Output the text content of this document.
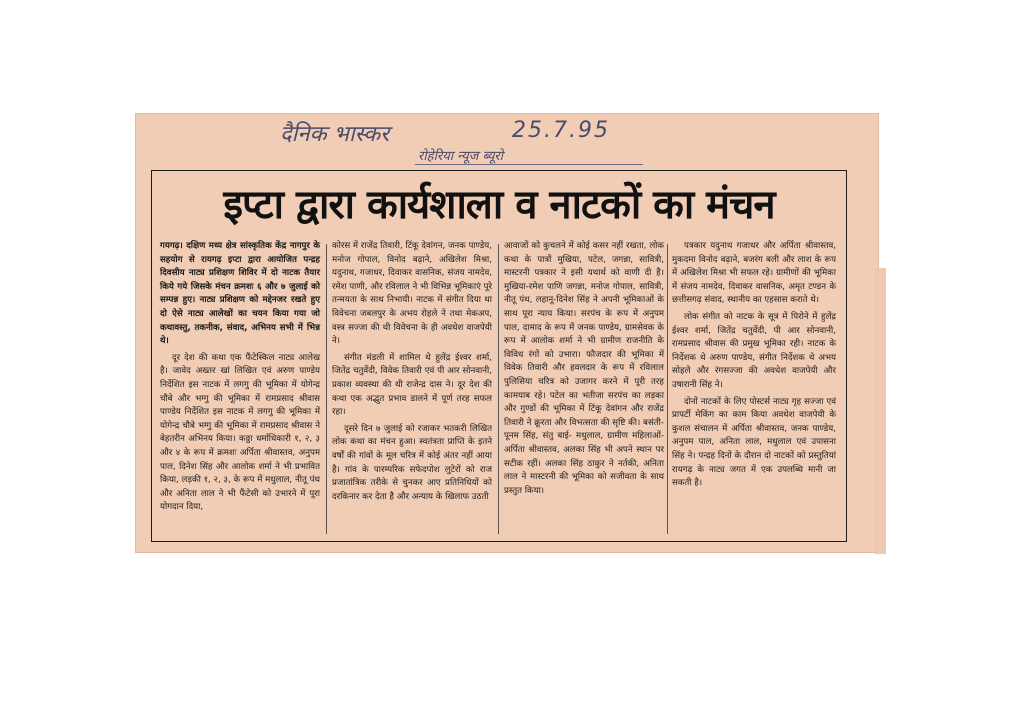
दैनिक भास्कर	25.7.95
रोहेरिया न्यूज ब्यूरो
इप्टा द्वारा कार्यशाला व नाटकों का मंचन

गयगढ़। दक्षिण मध्य क्षेत्र सांस्कृतिक केंद्र नागपुर के सहयोग से रायगढ़ इप्टा द्वारा आयोजित पन्द्रह दिवसीय नाट्य प्रशिक्षण शिविर में दो नाटक तैयार किये गये जिसके मंचन क्रमशः ६ और ७ जुलाई को सम्पन्न हुए। नाट्य प्रशिक्षण को मद्देनजर रखते हुए दो ऐसे नाट्य आलेखों का चयन किया गया जो कथावस्तु, तकनीक, संवाद, अभिनय सभी में भिन्न थे।

दूर देश की कथा एक फैंटेस्किल नाट्य आलेख है। जावेद अख्तर खां लिखित एवं अरुण पाण्डेय निर्देशित इस नाटक में लगगु की भूमिका में योगेन्द्र चौबे और भग्गु की भूमिका में रामप्रसाद श्रीवास पाण्डेय निर्देशित इस नाटक में लगगु की भूमिका में योगेन्द्र चौबे भग्गु की भूमिका में रामप्रसाद श्रीवास ने बेहतरीन अभिनय किया। कठ्ठा धर्माधिकारी १, २, ३ और ४ के रूप में क्रमशः अर्पिता श्रीवास्तव, अनुपम पाल, दिनेश सिंह और आलोक शर्मा ने भी प्रभावित किया, लड़की १, २, ३, के रूप में मधुलाल, नीतू पंथ और अनिता लाल ने भी फैंटेसी को उभारने में पूरा योगदान दिया,

कोरस में राजेंद्र तिवारी, टिंकू देवांगन, जनक पाण्डेय, मनोज गोपाल, विनोद बढ़ाने, अखिलेश मिश्रा, यदुनाथ, गजाधर, दिवाकर वासनिक, संजय नामदेव, रमेश पाणी, और रविलाल ने भी विभिन्न भूमिकाएं पूरे तन्मयता के साथ निभायी। नाटक में संगीत दिया था विवेचना जबलपुर के अभय रोहले ने तथा मेकअप, वस्त्र सज्जा की थी विवेचना के ही अवधेश वाजपेयी ने।

संगीत मंडली में शामिल थे हुलेंद्र ईश्वर शर्मा, जितेंद्र चतुर्वेदी, विवेक तिवारी एवं पी आर सोनवानी, प्रकाश व्यवस्था की थी राजेन्द्र दास ने। दूर देश की कथा एक अद्भुत प्रभाव डालने में पूर्ण तरह सफल रहा।

दूसरे दिन ७ जुलाई को रजाकर भतकरी लिखित लोक कथा का मंचन हुआ। स्वतंत्रता प्राप्ति के इतने वर्षों की गांवों के मूल चरित्र में कोई अंतर नहीं आया है। गांव के पारम्परिक सफेदपोश लुटेरों को राज प्रजातांत्रिक तरीके से चुनकर आए प्रतिनिधियों को दरकिनार कर देता है और अन्याय के खिलाफ उठती

आवाजों को कुचलने में कोई कसर नहीं रखता, लोक कथा के पात्रों मुखिया, पटेल, जगन्ना, सावित्री, मास्टरनी पत्रकार ने इसी यथार्थ को वाणी दी है। मुखिया-रमेश पाणि जगन्ना, मनोज गोपाल, सावित्री, नीतू पंथ, लहानू-दिनेश सिंह ने अपनी भूमिकाओं के साथ पूरा न्याय किया। सरपंच के रूप में अनुपम पाल, दामाद के रूप में जनक पाण्डेय, ग्रामसेवक के रूप में आलोक शर्मा ने भी ग्रामीण राजनीति के विविध रंगों को उभारा। फौजदार की भूमिका में विवेक तिवारी और हवलदार के रूप में रविलाल पुलिसिया चरित्र को उजागर करने में पूरी तरह कामयाब रहे। पटेल का भतीजा सरपंच का लड़का और गुण्डों की भूमिका में टिंकू देवांगन और राजेंद्र तिवारी ने क्रूरता और विभत्सता की सृष्टि की। बसंती-पूनम सिंह, संतु बाई- मधुलाल, ग्रामीण महिलाओं- अर्पिता श्रीवास्तव, अलका सिंह भी अपने स्थान पर सटीक रहीं। अलका सिंह ठाकुर ने नर्तकी, अनिता लाल ने मास्टरनी की भूमिका को सजीवता के साथ प्रस्तुत किया।

पत्रकार यदुनाथ गजाधर और अर्पिता श्रीवास्तव, मुकदमा विनोद बढ़ाने, बजरंग बली और लाश के रूप में अखिलेश मिश्रा भी सफल रहे। ग्रामीणों की भूमिका में संजय नामदेव, दिवाकर वासनिक, अमृत टण्डन के छत्तीसगढ़ संवाद, स्थानीय का एहसास कराते थे।

लोक संगीत को नाटक के सूत्र में पिरोने में हुलेंद्र ईश्वर शर्मा, जितेंद्र चतुर्वेदी, पी आर सोनवानी, रामप्रसाद श्रीवास की प्रमुख भूमिका रही। नाटक के निर्देशक थे अरुण पाण्डेय, संगीत निर्देशक थे अभय सोहले और रंगसज्जा की अवधेश वाजपेयी और उषारानी सिंह ने।

दोनों नाटकों के लिए पोस्टर्स नाट्य गृह सज्जा एवं प्रापर्टी मेकिंग का काम किया अवधेश वाजपेयी के कुशल संचालन में अर्पिता श्रीवास्तव, जनक पाण्डेय, अनुपम पाल, अनिता लाल, मधुलाल एवं उपासना सिंह ने। पन्द्रह दिनों के दौरान दो नाटकों को प्रस्तुतियां रायगढ़ के नाट्य जगत में एक उपलब्धि मानी जा सकती है।
